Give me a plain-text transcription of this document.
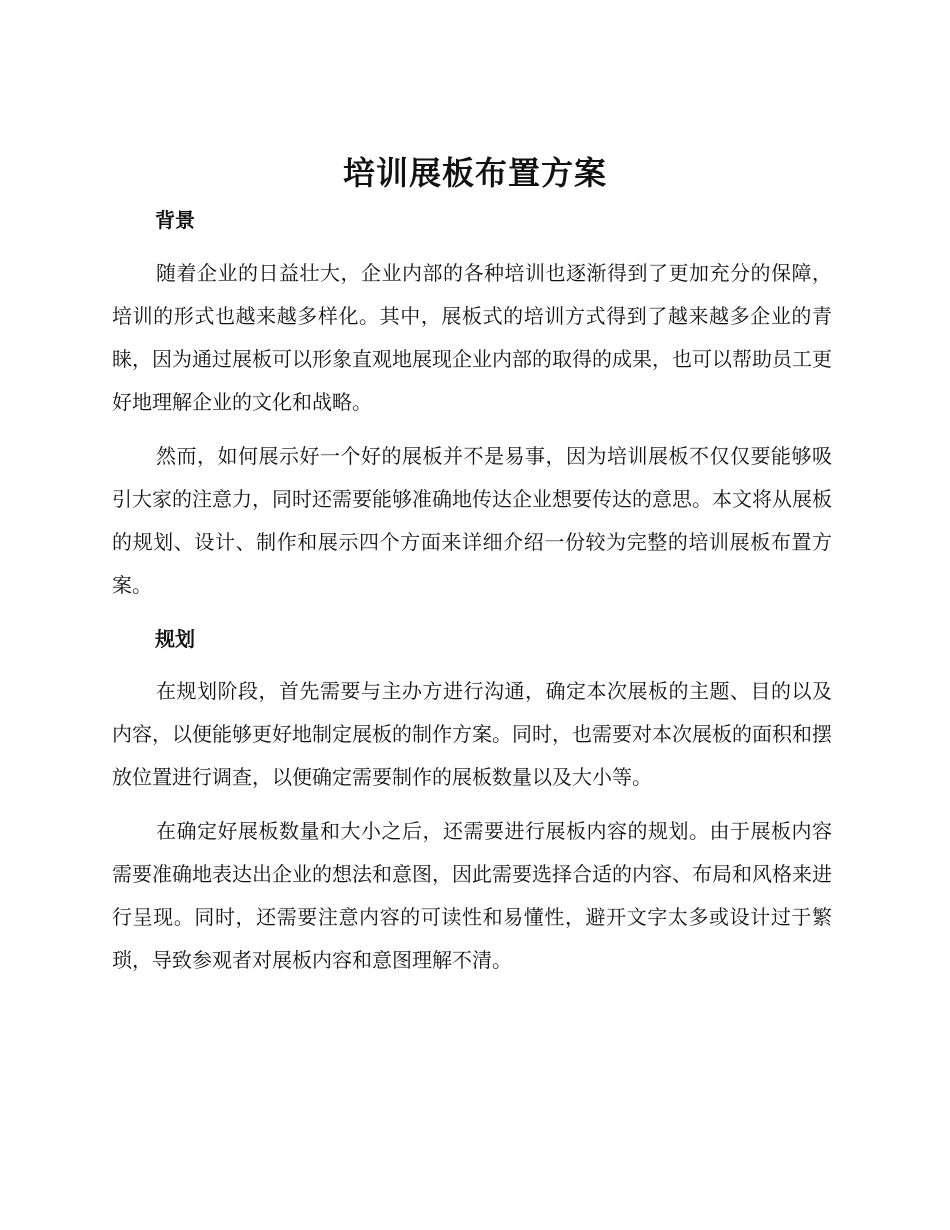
培训展板布置方案
背景

随着企业的日益壮大，企业内部的各种培训也逐渐得到了更加充分的保障，培训的形式也越来越多样化。其中，展板式的培训方式得到了越来越多企业的青睐，因为通过展板可以形象直观地展现企业内部的取得的成果，也可以帮助员工更好地理解企业的文化和战略。

然而，如何展示好一个好的展板并不是易事，因为培训展板不仅仅要能够吸引大家的注意力，同时还需要能够准确地传达企业想要传达的意思。本文将从展板的规划、设计、制作和展示四个方面来详细介绍一份较为完整的培训展板布置方案。

规划

在规划阶段，首先需要与主办方进行沟通，确定本次展板的主题、目的以及内容，以便能够更好地制定展板的制作方案。同时，也需要对本次展板的面积和摆放位置进行调查，以便确定需要制作的展板数量以及大小等。

在确定好展板数量和大小之后，还需要进行展板内容的规划。由于展板内容需要准确地表达出企业的想法和意图，因此需要选择合适的内容、布局和风格来进行呈现。同时，还需要注意内容的可读性和易懂性，避开文字太多或设计过于繁琐，导致参观者对展板内容和意图理解不清。
